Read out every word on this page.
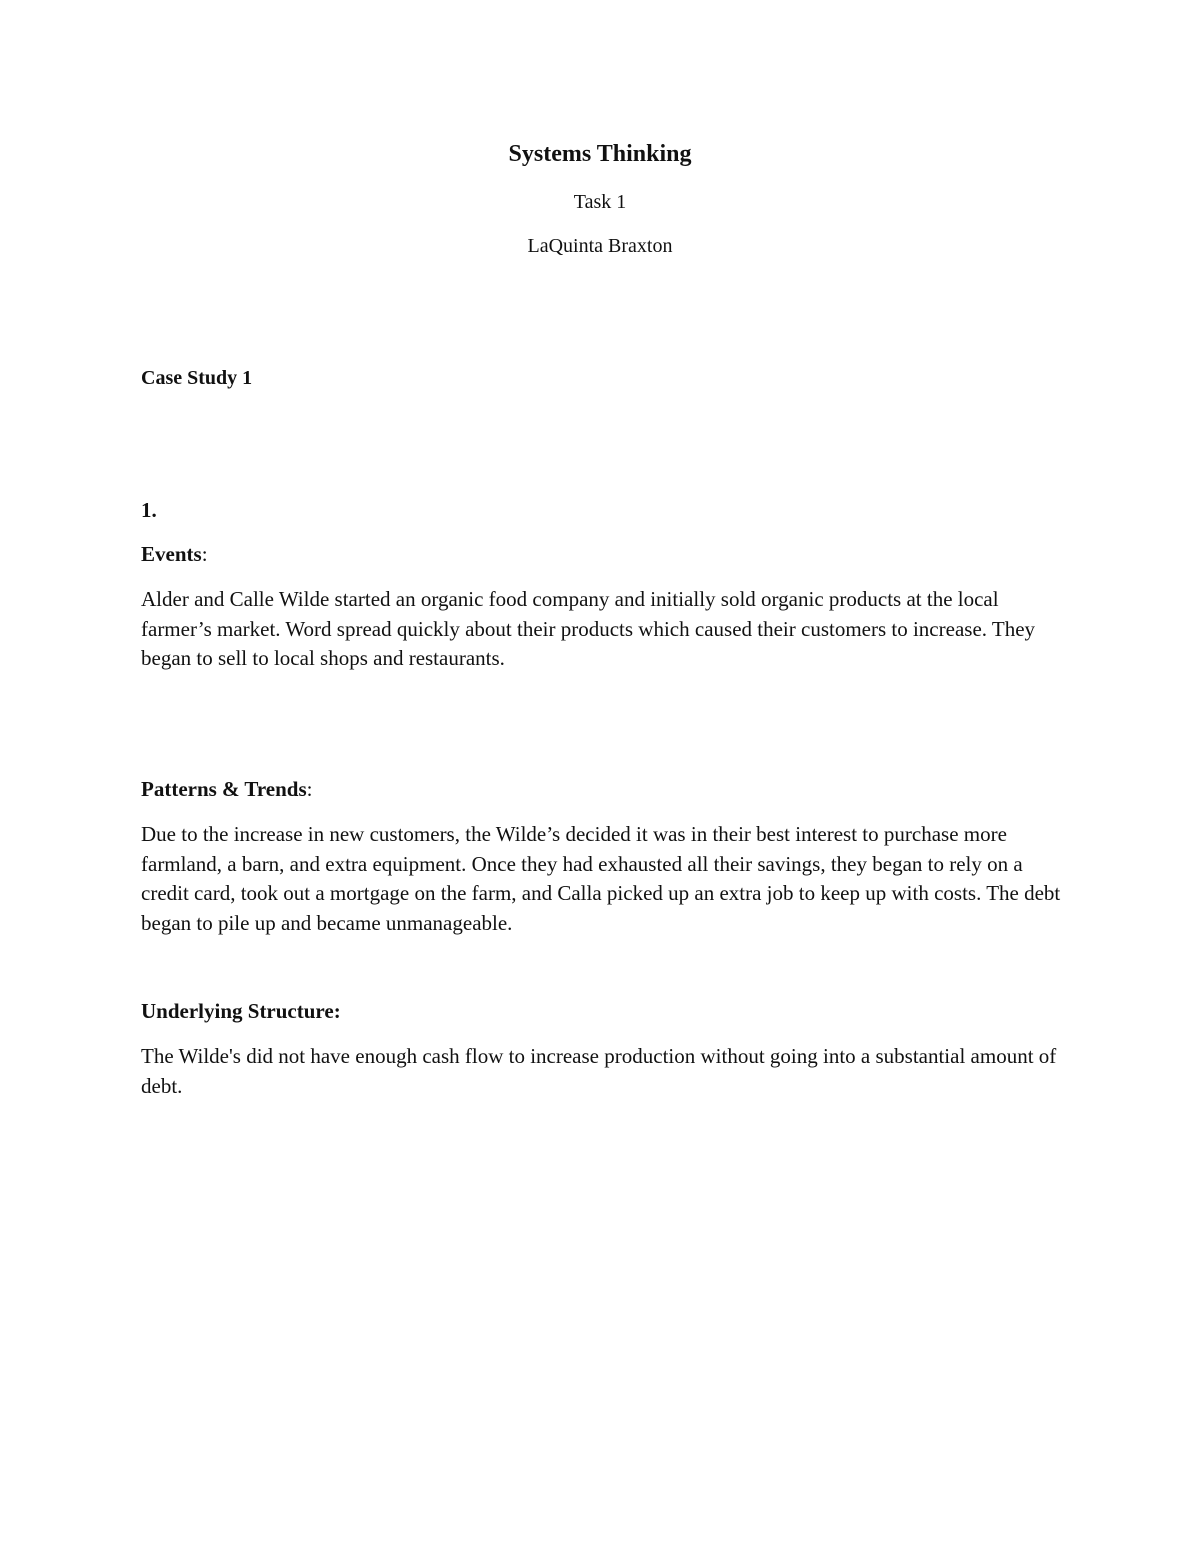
Systems Thinking
Task 1
LaQuinta Braxton
Case Study 1
1.
Events:

Alder and Calle Wilde started an organic food company and initially sold organic products at the local farmer’s market. Word spread quickly about their products which caused their customers to increase. They began to sell to local shops and restaurants.

Patterns & Trends:

Due to the increase in new customers, the Wilde’s decided it was in their best interest to purchase more farmland, a barn, and extra equipment. Once they had exhausted all their savings, they began to rely on a credit card, took out a mortgage on the farm, and Calla picked up an extra job to keep up with costs. The debt began to pile up and became unmanageable.

Underlying Structure:

The Wilde's did not have enough cash flow to increase production without going into a substantial amount of debt.
